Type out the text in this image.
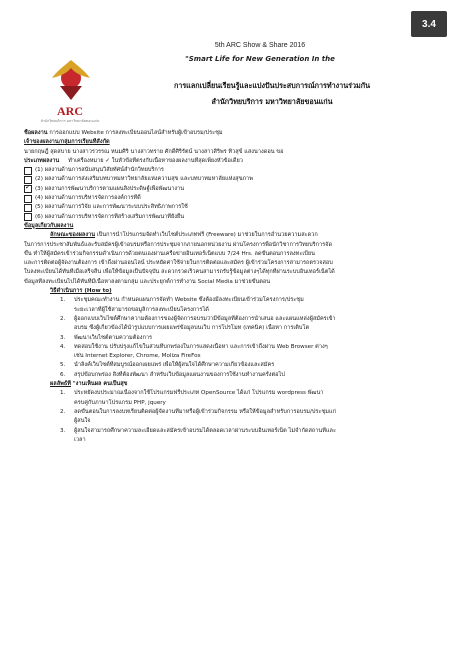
3.4
ARC
สำนักวิทยบริการ มหาวิทยาลัยขอนแก่น
5th ARC Show & Share 2016
"Smart Life for New Generation In the
การแลกเปลี่ยนเรียนรู้และแบ่งปันประสบการณ์การทำงานร่วมกัน
สำนักวิทยบริการ มหาวิทยาลัยขอนแก่น
ชื่อผลงาน การออกแบบ Website การลงทะเบียนออนไลน์สำหรับผู้เข้าอบรม/ประชุม
เจ้าของผลงาน/กลุ่มการเรียนที่สังกัด
นายกฤษฎี สุดสบาย นางสาวรวรรณ หนมศิริ นางสาวทราย ศักดิ์ศิริรัตน์ นางสาวสิริพร ทิวสุข์ แสงนางดอน ขอ
ประเภทผลงาน ทำเครื่องหมาย ✓ ในหัวข้อที่ตรงกับเนื้อหาของผลงานที่สุดเพียงหัวข้อเดียว
(1) ผลงานด้านการสนับสนุนวิสัยทัศน์สำนักวิทยบริการ
(2) ผลงานด้านการส่งเสริมบทบาทมหาวิทยาลัยแห่งความสุข และบทบาทมหาลัยแห่งสุขภาพ
✓
(3) ผลงานการพัฒนาบริการตามแผนสิ่งประดิษฐ์เพื่อพัฒนางาน
(4) ผลงานด้านการบริหารจัดการองค์การที่ดี
(5) ผลงานด้านการวิจัย และการพัฒนาระบบประสิทธิภาพการใช้
(6) ผลงานด้านการบริหารจัดการที่สร้างเสริมการพัฒนาที่ยั่งยืน
ข้อมูลเกี่ยวกับผลงาน
ลักษณะของผลงาน เป็นการนำโปรแกรมจัดทำเว็บไซต์ประเภทฟรี (Freeware) มาช่วยในการอำนวยความสะดวก
ในการการประชาสัมพันธ์และรับสมัครผู้เข้าอบรมหรือการประชุมจากภายนอกหน่วยงาน ผ่านโครงการพื่อนักวิชาการวิทยบริการจัด
ขึ้น ทำให้ผู้สมัครเข้าร่วมกิจกรรมดำเนินการด้วยตนเองผ่านเครือข่ายอินเทอร์เน็ตแบบ 7/24 Hrs. ลดขั้นตอนการลงทะเบียน
และการติดต่อผู้จัดงานต้องการ เข้าถึงผ่านออนไลน์ ประหยัดค่าใช้จ่ายในการติดต่อและสมัคร ผู้เข้าร่วมโครงการสามารถตรวจสอบ
ใบลงทะเบียนได้ทันทีเมื่อเสร็จสิ้น เพื่อให้ข้อมูลเป็นปัจจุบัน สะดวกรวดเร็วคนสามารถรับรู้ข้อมูลต่างๆได้ทุกที่ผ่านระบบอินเทอร์เน็ตได้
ข้อมูลที่ลงทะเบียนไปได้ทันทีมีเนื้อหาลงตามกลุ่ม และประยุกต์การทำงาน Social Media มาช่วยขั้นตอน
วิธีดำเนินการ (How to)
1.	ประชุมคณะทำงาน กำหนดแผนการจัดทำ Website ซึ่งต้องมีลงทะเบียนเข้าร่วมโครงการ/ประชุม
ระยะเวลาที่ผู้ใช้สามารถขอมูลิการลงทะเบียนโครงการได้
2.	ผู้ออกแบบเว็บไซต์ศึกษาความต้องการของผู้จัดการอบรมว่ามีข้อมูลที่ต้องการนำเสนอ และแผนแหล่งผู้สมัครเข้า
อบรม ซึ่งผู้เกี่ยวข้องได้นำรูปแบบการเผยแพร่ข้อมูลบนเว็บ การโปรโมท (เทคนิค) เนื้อหา การเติบโต
3.	พัฒนาเว็บไซต์ตามความต้องการ
4.	ทดสอบใช้งาน ปรับปรุงแก้ไขในส่วนที่บกพร่องในการแสดงเนื้อหา และการเข้าถึงผ่าน Web Browser ต่างๆ
เช่น Internet Explorer, Chrome, Moliza FireFox
5.	นำลิงค์เว็บไซต์ที่สมบูรณ์ออกเผยแพร่ เพื่อให้ผู้สนใจได้ศึกษาความเกี่ยวข้องและสมัคร
6.	สรุปข้อบกพร่อง สิ่งที่ต้องพัฒนา สำหรับเว็บข้อมูลแผนงานของการใช้งานทำงานครั้งต่อไป
ผลลัพธ์ที่ "งานเห็นผล คนเป็นสุข
1.	ประหยัดงบประมาณเนื่องจากใช้โปรแกรมฟรีประเภท OpenSource ได้แก่ โปรแกรม wordpress พัฒนา
ครบคู่กับภาษาโปรแกรม PHP, jquery
2.	ลดขั้นตอนในการลงบทเรียนติดต่อผู้จัดงานที่มาหรือผู้เข้าร่วมกิจกรรม หรือให้ข้อมูลสำหรับการอบรม/ประชุมแก่
ผู้สนใจ
3.	ผู้สนใจสามารถศึกษาความละเอียดและสมัครเข้าอบรมได้ตลอดเวลาผ่านระบบอินเทอร์เน็ต ไม่จำกัดสถานที่และ
เวลา
